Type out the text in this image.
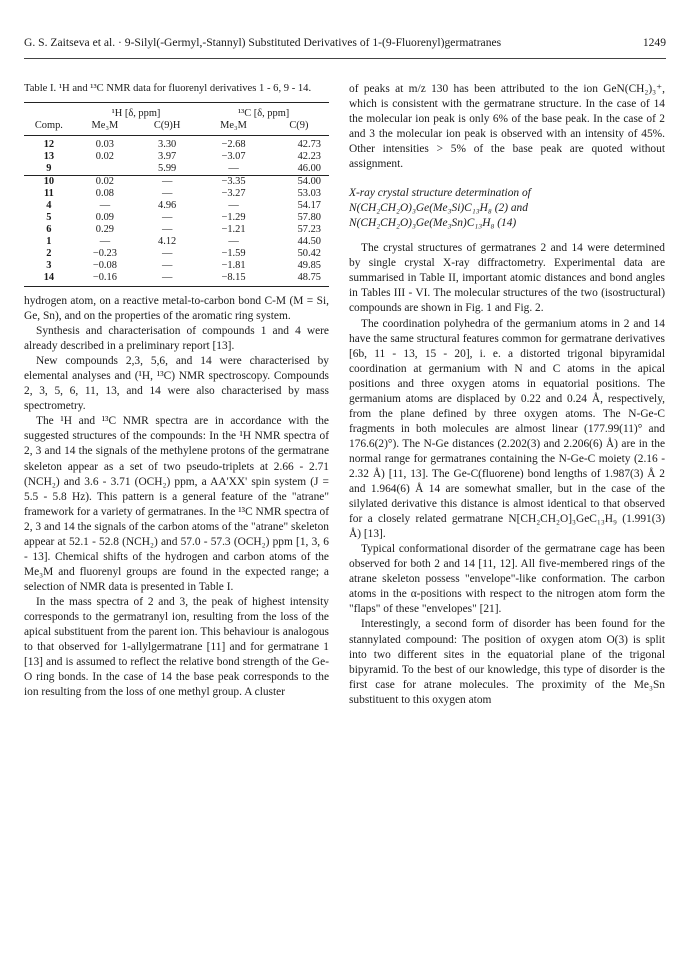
G. S. Zaitseva et al. · 9-Silyl(-Germyl,-Stannyl) Substituted Derivatives of 1-(9-Fluorenyl)germatranes	1249

Table I. ¹H and ¹³C NMR data for fluorenyl derivatives 1 - 6, 9 - 14.

	¹H [δ, ppm]		¹³C [δ, ppm]	
Comp.	Me₃M	C(9)H	Me₃M	C(9)
12	0.03	3.30	−2.68	42.73
13	0.02	3.97	−3.07	42.23
9		5.99	—	46.00
10	0.02	—	−3.35	54.00
11	0.08	—	−3.27	53.03
4	—	4.96	—	54.17
5	0.09	—	−1.29	57.80
6	0.29	—	−1.21	57.23
1	—	4.12	—	44.50
2	−0.23	—	−1.59	50.42
3	−0.08	—	−1.81	49.85
14	−0.16	—	−8.15	48.75

hydrogen atom, on a reactive metal-to-carbon bond C-M (M = Si, Ge, Sn), and on the properties of the aromatic ring system.

Synthesis and characterisation of compounds 1 and 4 were already described in a preliminary report [13].

New compounds 2,3, 5,6, and 14 were characterised by elemental analyses and (¹H, ¹³C) NMR spectroscopy. Compounds 2, 3, 5, 6, 11, 13, and 14 were also characterised by mass spectrometry.

The ¹H and ¹³C NMR spectra are in accordance with the suggested structures of the compounds: In the ¹H NMR spectra of 2, 3 and 14 the signals of the methylene protons of the germatrane skeleton appear as a set of two pseudo-triplets at 2.66 - 2.71 (NCH₂) and 3.6 - 3.71 (OCH₂) ppm, a AA'XX' spin system (J = 5.5 - 5.8 Hz). This pattern is a general feature of the "atrane" framework for a variety of germatranes. In the ¹³C NMR spectra of 2, 3 and 14 the signals of the carbon atoms of the "atrane" skeleton appear at 52.1 - 52.8 (NCH₂) and 57.0 - 57.3 (OCH₂) ppm [1, 3, 6 - 13]. Chemical shifts of the hydrogen and carbon atoms of the Me₃M and fluorenyl groups are found in the expected range; a selection of NMR data is presented in Table I.

In the mass spectra of 2 and 3, the peak of highest intensity corresponds to the germatranyl ion, resulting from the loss of the apical substituent from the parent ion. This behaviour is analogous to that observed for 1-allylgermatrane [11] and for germatrane 1 [13] and is assumed to reflect the relative bond strength of the Ge-O ring bonds. In the case of 14 the base peak corresponds to the ion resulting from the loss of one methyl group. A cluster

of peaks at m/z 130 has been attributed to the ion GeN(CH₂)₃⁺, which is consistent with the germatrane structure. In the case of 14 the molecular ion peak is only 6% of the base peak. In the case of 2 and 3 the molecular ion peak is observed with an intensity of 45%. Other intensities > 5% of the base peak are quoted without assignment.

X-ray crystal structure determination of
N(CH₂CH₂O)₃Ge(Me₃Si)C₁₃H₈ (2) and
N(CH₂CH₂O)₃Ge(Me₃Sn)C₁₃H₈ (14)

The crystal structures of germatranes 2 and 14 were determined by single crystal X-ray diffractometry. Experimental data are summarised in Table II, important atomic distances and bond angles in Tables III - VI. The molecular structures of the two (isostructural) compounds are shown in Fig. 1 and Fig. 2.

The coordination polyhedra of the germanium atoms in 2 and 14 have the same structural features common for germatrane derivatives [6b, 11 - 13, 15 - 20], i. e. a distorted trigonal bipyramidal coordination at germanium with N and C atoms in the apical positions and three oxygen atoms in equatorial positions. The germanium atoms are displaced by 0.22 and 0.24 Å, respectively, from the plane defined by three oxygen atoms. The N-Ge-C fragments in both molecules are almost linear (177.99(11)° and 176.6(2)°). The N-Ge distances (2.202(3) and 2.206(6) Å) are in the normal range for germatranes containing the N-Ge-C moiety (2.16 - 2.32 Å) [11, 13]. The Ge-C(fluorene) bond lengths of 1.987(3) Å 2 and 1.964(6) Å 14 are somewhat smaller, but in the case of the silylated derivative this distance is almost identical to that observed for a closely related germatrane N[CH₂CH₂O]₃GeC₁₃H₉ (1.991(3) Å) [13].

Typical conformational disorder of the germatrane cage has been observed for both 2 and 14 [11, 12]. All five-membered rings of the atrane skeleton possess "envelope"-like conformation. The carbon atoms in the α-positions with respect to the nitrogen atom form the "flaps" of these "envelopes" [21].

Interestingly, a second form of disorder has been found for the stannylated compound: The position of oxygen atom O(3) is split into two different sites in the equatorial plane of the trigonal bipyramid. To the best of our knowledge, this type of disorder is the first case for atrane molecules. The proximity of the Me₃Sn substituent to this oxygen atom
